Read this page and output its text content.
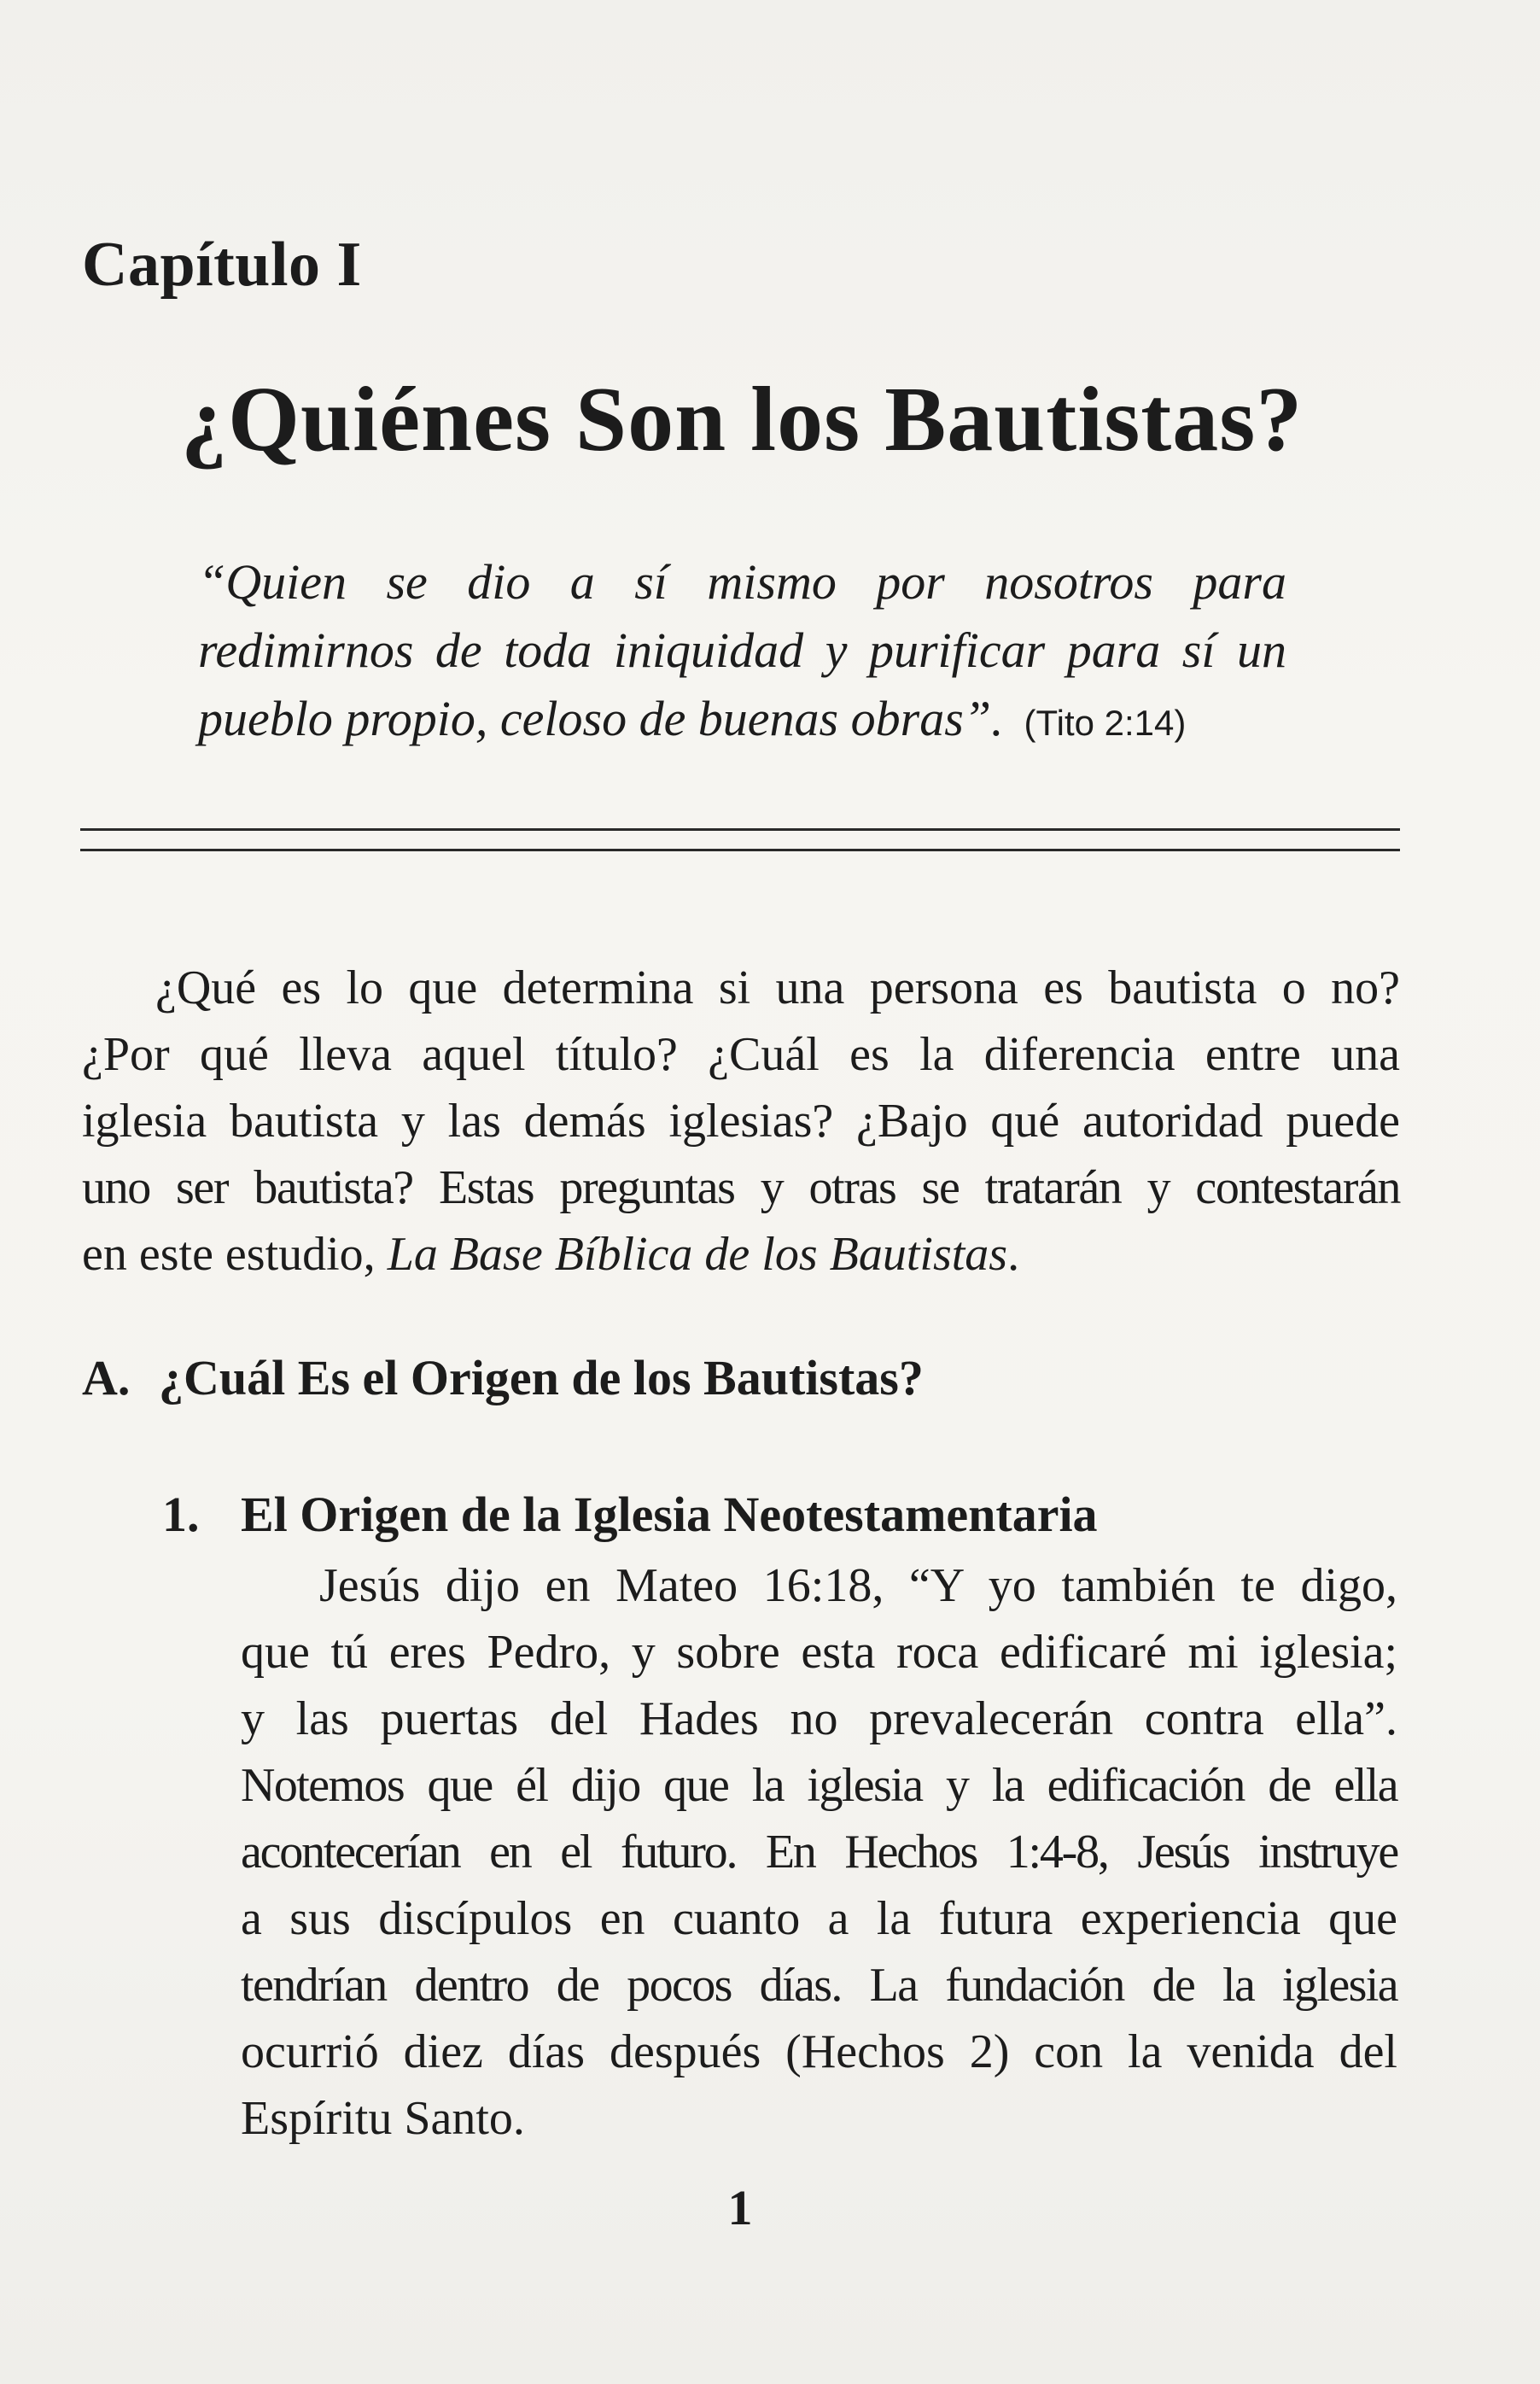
Capítulo I
¿Quiénes Son los Bautistas?
“Quien se dio a sí mismo por nosotros para
redimirnos de toda iniquidad y purificar para sí un
pueblo propio, celoso de buenas obras”. (Tito 2:14)
¿Qué es lo que determina si una persona es bautista o no?
¿Por qué lleva aquel título? ¿Cuál es la diferencia entre una
iglesia bautista y las demás iglesias? ¿Bajo qué autoridad puede
uno ser bautista? Estas preguntas y otras se tratarán y contestarán
en este estudio, La Base Bíblica de los Bautistas.
A. ¿Cuál Es el Origen de los Bautistas?
1. El Origen de la Iglesia Neotestamentaria
Jesús dijo en Mateo 16:18, “Y yo también te digo,
que tú eres Pedro, y sobre esta roca edificaré mi iglesia;
y las puertas del Hades no prevalecerán contra ella”.
Notemos que él dijo que la iglesia y la edificación de ella
acontecerían en el futuro. En Hechos 1:4-8, Jesús instruye
a sus discípulos en cuanto a la futura experiencia que
tendrían dentro de pocos días. La fundación de la iglesia
ocurrió diez días después (Hechos 2) con la venida del
Espíritu Santo.
1
